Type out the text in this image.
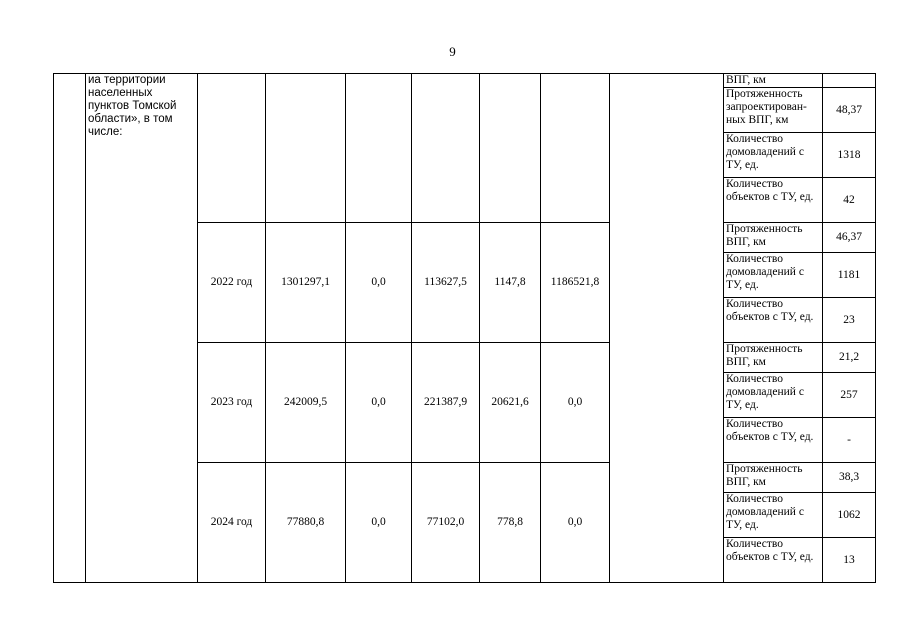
9
	иа территории населенных пунктов Томской области», в том числе:								ВПГ, км	
									Протяженность запроектирован-ных ВПГ, км	48,37
									Количество домовладений с ТУ, ед.	1318
									Количество объектов с ТУ, ед.	42
		2022 год	1301297,1	0,0	113627,5	1147,8	1186521,8		Протяженность ВПГ, км	46,37
									Количество домовладений с ТУ, ед.	1181
									Количество объектов с ТУ, ед.	23
		2023 год	242009,5	0,0	221387,9	20621,6	0,0		Протяженность ВПГ, км	21,2
									Количество домовладений с ТУ, ед.	257
									Количество объектов с ТУ, ед.	-
		2024 год	77880,8	0,0	77102,0	778,8	0,0		Протяженность ВПГ, км	38,3
									Количество домовладений с ТУ, ед.	1062
									Количество объектов с ТУ, ед.	13
